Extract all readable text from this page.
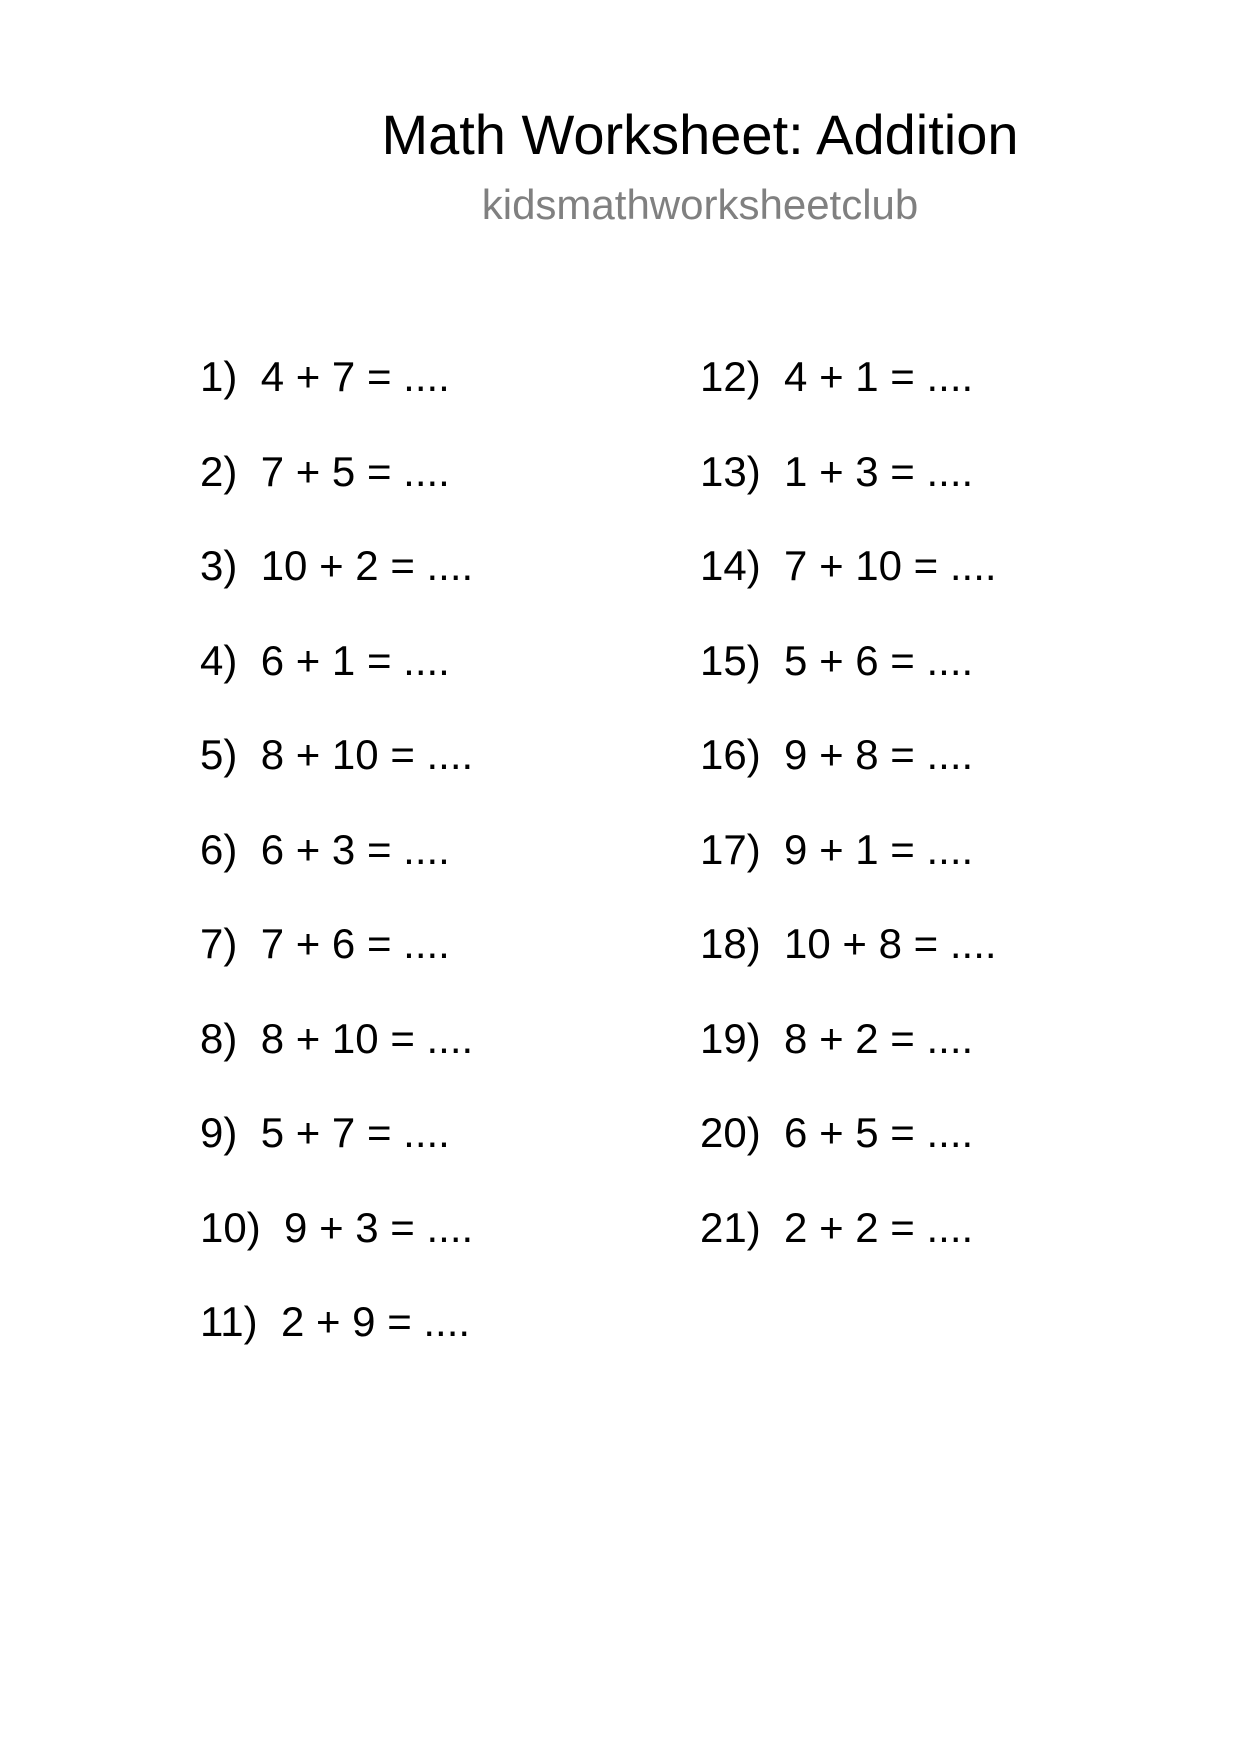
Math Worksheet: Addition
kidsmathworksheetclub
1) 4 + 7 = ....
2) 7 + 5 = ....
3) 10 + 2 = ....
4) 6 + 1 = ....
5) 8 + 10 = ....
6) 6 + 3 = ....
7) 7 + 6 = ....
8) 8 + 10 = ....
9) 5 + 7 = ....
10) 9 + 3 = ....
11) 2 + 9 = ....
12) 4 + 1 = ....
13) 1 + 3 = ....
14) 7 + 10 = ....
15) 5 + 6 = ....
16) 9 + 8 = ....
17) 9 + 1 = ....
18) 10 + 8 = ....
19) 8 + 2 = ....
20) 6 + 5 = ....
21) 2 + 2 = ....
